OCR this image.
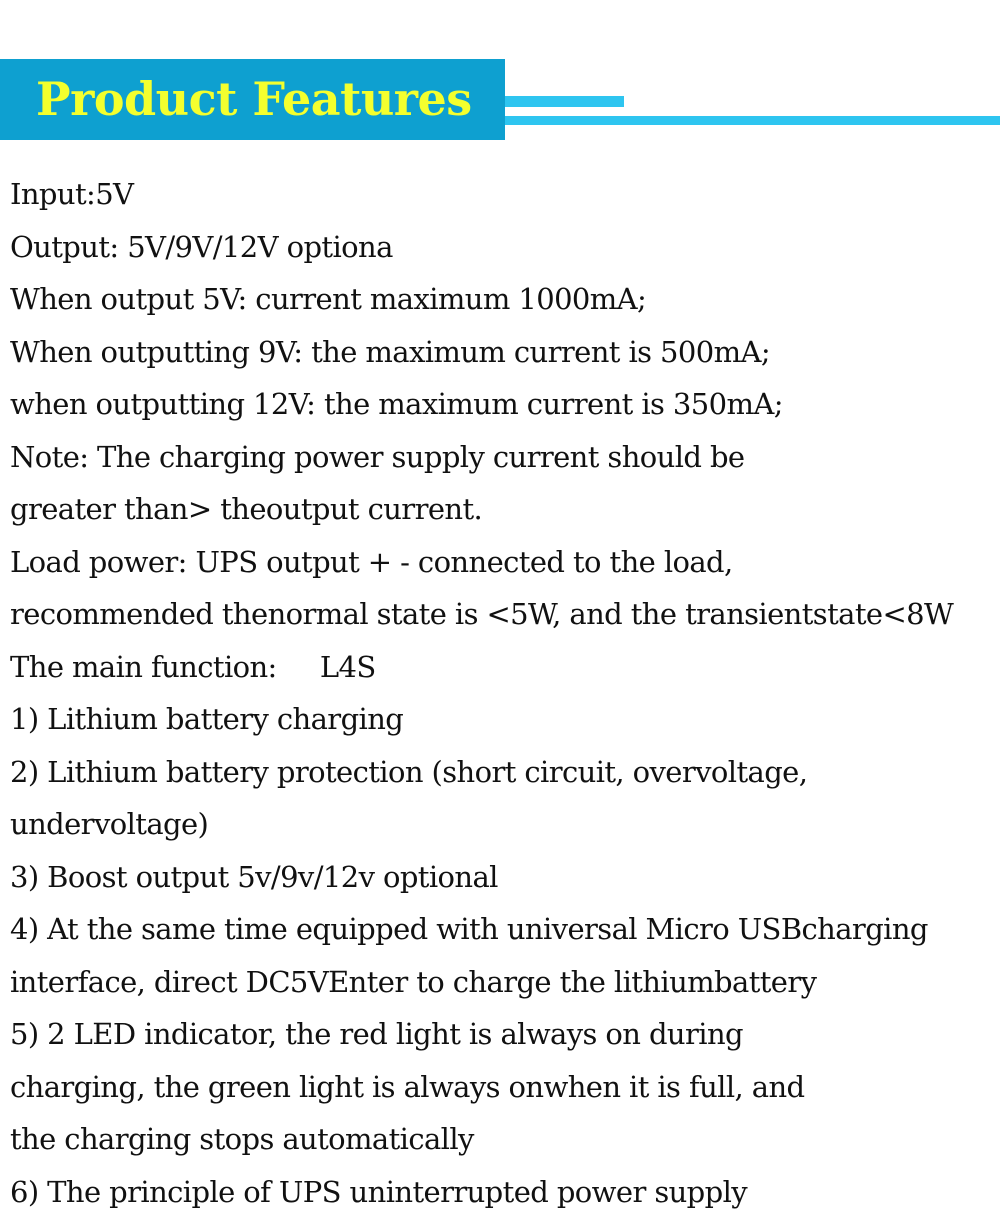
Product Features
Input:5V
Output: 5V/9V/12V optiona
When output 5V: current maximum 1000mA;
When outputting 9V: the maximum current is 500mA;
when outputting 12V: the maximum current is 350mA;
Note: The charging power supply current should be
greater than> theoutput current.
Load power: UPS output + - connected to the load,
recommended thenormal state is <5W, and the transientstate<8W
The main function:     L4S
1) Lithium battery charging
2) Lithium battery protection (short circuit, overvoltage,
undervoltage)
3) Boost output 5v/9v/12v optional
4) At the same time equipped with universal Micro USBcharging
interface, direct DC5VEnter to charge the lithiumbattery
5) 2 LED indicator, the red light is always on during
charging, the green light is always onwhen it is full, and
the charging stops automatically
6) The principle of UPS uninterrupted power supply
